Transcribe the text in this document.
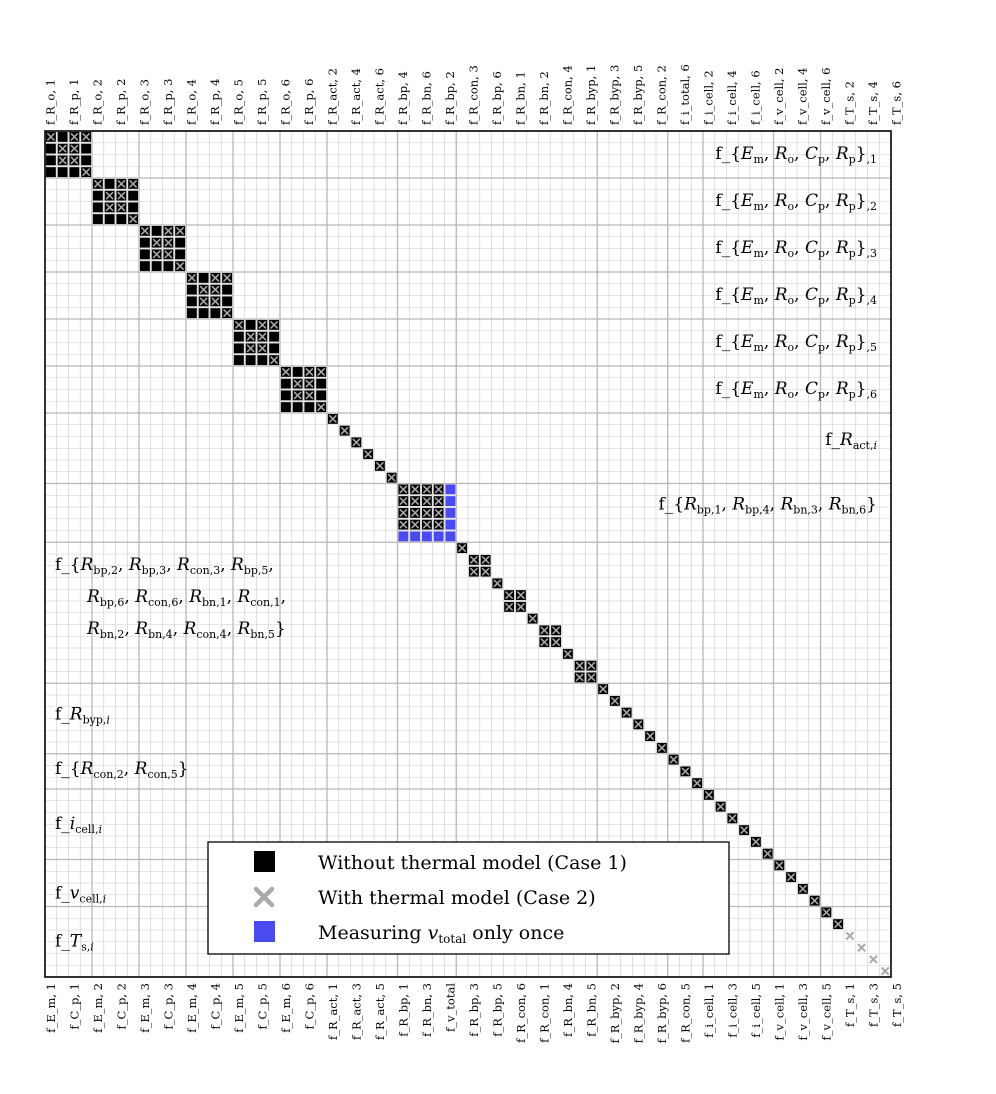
$f\_\{E_m$, $R_o$, $C_p$, $R_p\}_{,1}$
$f\_\{E_m$, $R_o$, $C_p$, $R_p\}_{,2}$
$f\_\{E_m$, $R_o$, $C_p$, $R_p\}_{,3}$
$f\_\{E_m$, $R_o$, $C_p$, $R_p\}_{,4}$
$f\_\{E_m$, $R_o$, $C_p$, $R_p\}_{,5}$
$f\_\{E_m$, $R_o$, $C_p$, $R_p\}_{,6}$
$f\_R_{act,i}$
$f\_\{R_{bp,1}$, $R_{bp,4}$, $R_{bn,3}$, $R_{bn,6}$}
$f\_\{R_{bp,2}$, $R_{bp,3}$, $R_{con,3}$, $R_{bp,5}$,
$R_{bp,6}$, $R_{con,6}$, $R_{bn,1}$, $R_{con,1}$,
$R_{bn,2}$, $R_{bn,4}$, $R_{con,4}$, $R_{bn,5}$}
$f\_R_{byp,i}$
$f\_\{R_{con,2}$, $R_{con,5}$}
$f\_i_{cell,i}$
$f\_v_{cell,i}$
$f\_T_{s,i}$
f_R_o, 1 f_R_p, 1 f_R_o, 2 f_R_p, 2 f_R_o, 3 f_R_p, 3 f_R_o, 4 f_R_p, 4 f_R_o, 5 f_R_p, 5 f_R_o, 6 f_R_p, 6 f_R_act, 2 f_R_act, 4 f_R_act, 6 f_R_bp, 4 f_R_bn, 6 f_R_bp, 2 f_R_con, 3 f_R_bp, 6 f_R_bn, 1 f_R_bn, 2 f_R_con, 4 f_R_byp, 1 f_R_byp, 3 f_R_byp, 5 f_R_con, 2 f_i_total, 6 f_i_cell, 2 f_i_cell, 4 f_i_cell, 6 f_v_cell, 2 f_v_cell, 4 f_v_cell, 6 f_T_s, 2 f_T_s, 4 f_T_s, 6
f_E_m, 1 f_C_p, 1 f_E_m, 2 f_C_p, 2 f_E_m, 3 f_C_p, 3 f_E_m, 4 f_C_p, 4 f_E_m, 5 f_C_p, 5 f_E_m, 6 f_C_p, 6 f_R_act, 1 f_R_act, 3 f_R_act, 5 f_R_bp, 1 f_R_bn, 3 f_v_total f_R_bp, 3 f_R_bp, 5 f_R_con, 6 f_R_con, 1 f_R_bn, 4 f_R_bn, 5 f_R_byp, 2 f_R_byp, 4 f_R_byp, 6 f_R_con, 5 f_i_cell, 1 f_i_cell, 3 f_i_cell, 5 f_v_cell, 1 f_v_cell, 3 f_v_cell, 5 f_T_s, 1 f_T_s, 3 f_T_s, 5
Without thermal model (Case 1)
With thermal model (Case 2)
Measuring $v_{total}$ only once
